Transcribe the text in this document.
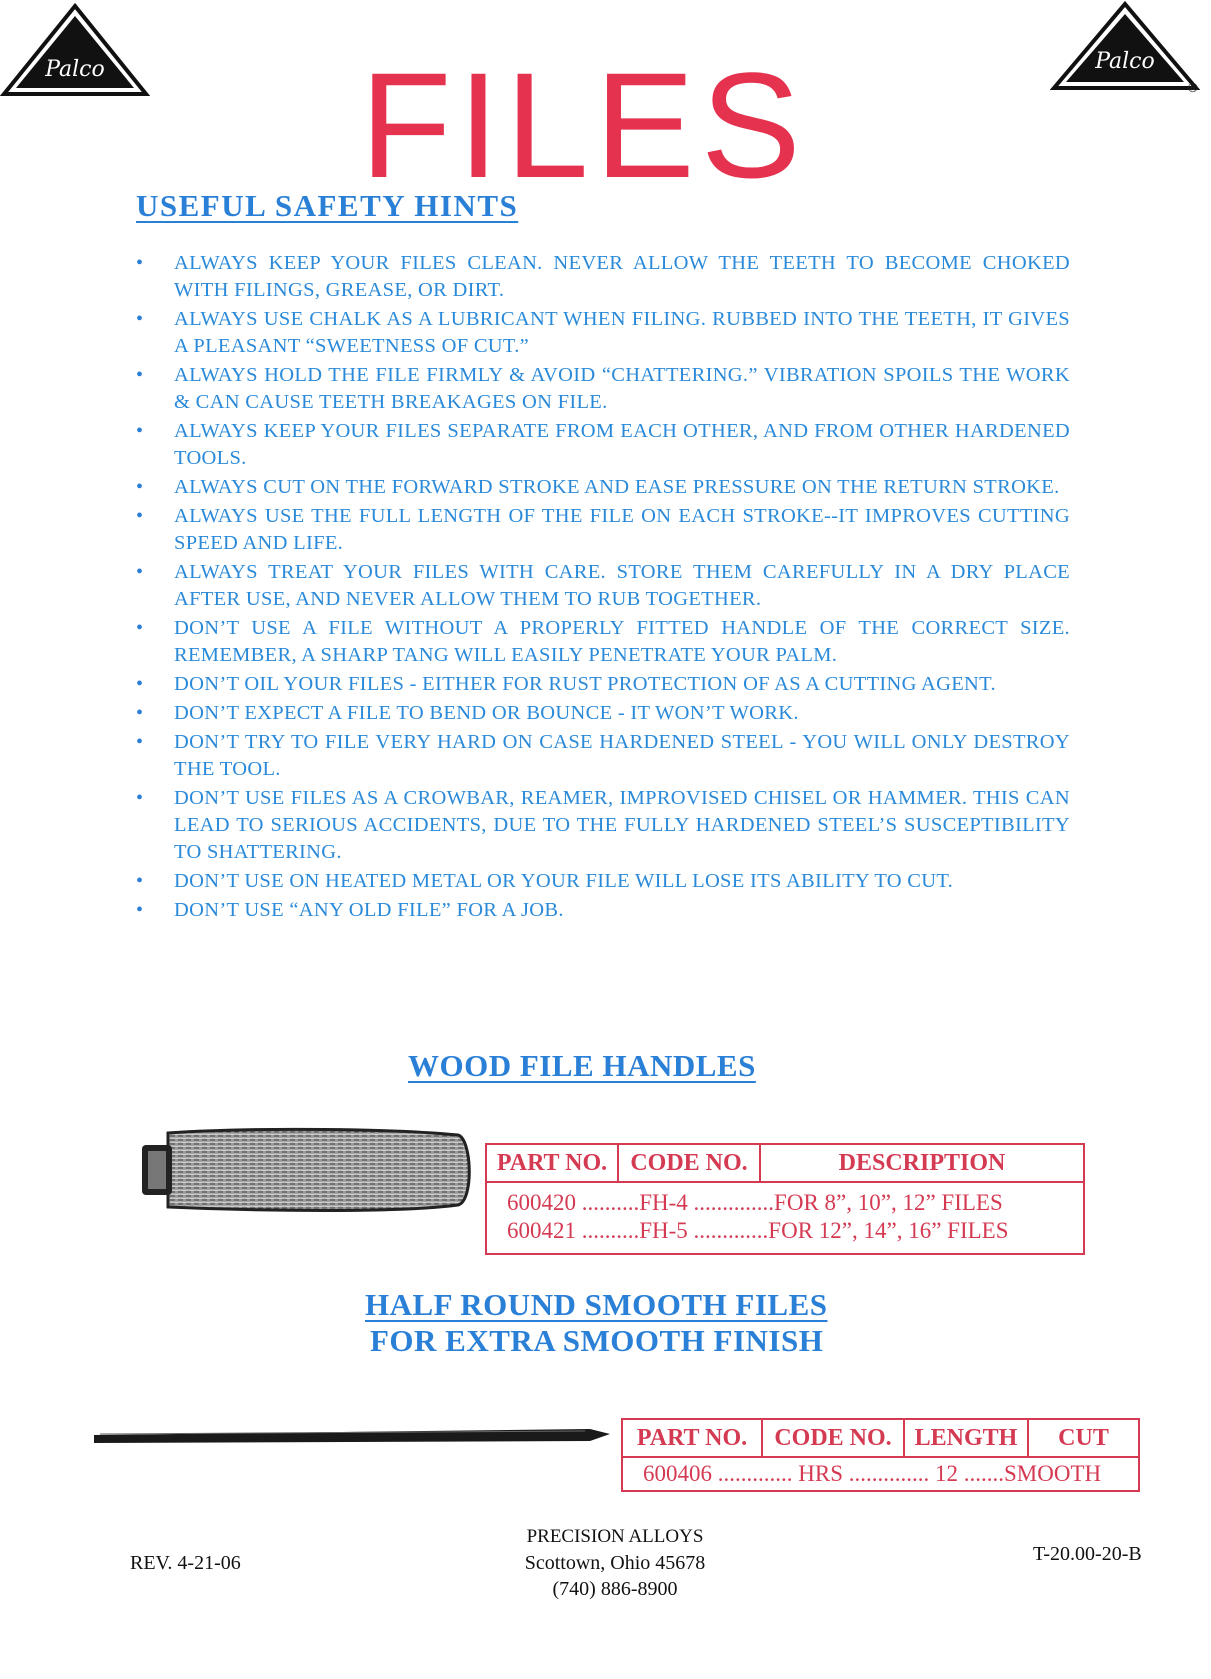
Palco	Palco
®
FILES
USEFUL SAFETY HINTS
• ALWAYS KEEP YOUR FILES CLEAN. NEVER ALLOW THE TEETH TO BECOME CHOKED WITH FILINGS, GREASE, OR DIRT.
• ALWAYS USE CHALK AS A LUBRICANT WHEN FILING. RUBBED INTO THE TEETH, IT GIVES A PLEASANT “SWEETNESS OF CUT.”
• ALWAYS HOLD THE FILE FIRMLY & AVOID “CHATTERING.” VIBRATION SPOILS THE WORK & CAN CAUSE TEETH BREAKAGES ON FILE.
• ALWAYS KEEP YOUR FILES SEPARATE FROM EACH OTHER, AND FROM OTHER HARDENED TOOLS.
• ALWAYS CUT ON THE FORWARD STROKE AND EASE PRESSURE ON THE RETURN STROKE.
• ALWAYS USE THE FULL LENGTH OF THE FILE ON EACH STROKE--IT IMPROVES CUTTING SPEED AND LIFE.
• ALWAYS TREAT YOUR FILES WITH CARE. STORE THEM CAREFULLY IN A DRY PLACE AFTER USE, AND NEVER ALLOW THEM TO RUB TOGETHER.
• DON’T USE A FILE WITHOUT A PROPERLY FITTED HANDLE OF THE CORRECT SIZE. REMEMBER, A SHARP TANG WILL EASILY PENETRATE YOUR PALM.
• DON’T OIL YOUR FILES - EITHER FOR RUST PROTECTION OF AS A CUTTING AGENT.
• DON’T EXPECT A FILE TO BEND OR BOUNCE - IT WON’T WORK.
• DON’T TRY TO FILE VERY HARD ON CASE HARDENED STEEL - YOU WILL ONLY DESTROY THE TOOL.
• DON’T USE FILES AS A CROWBAR, REAMER, IMPROVISED CHISEL OR HAMMER. THIS CAN LEAD TO SERIOUS ACCIDENTS, DUE TO THE FULLY HARDENED STEEL’S SUSCEPTIBILITY TO SHATTERING.
• DON’T USE ON HEATED METAL OR YOUR FILE WILL LOSE ITS ABILITY TO CUT.
• DON’T USE “ANY OLD FILE” FOR A JOB.
WOOD FILE HANDLES
PART NO. CODE NO.	DESCRIPTION
600420 ..........FH-4 ..............FOR 8”, 10”, 12” FILES
600421 ..........FH-5 .............FOR 12”, 14”, 16” FILES
HALF ROUND SMOOTH FILES
FOR EXTRA SMOOTH FINISH
PART NO.	CODE NO. LENGTH	CUT
600406 ............. HRS .............. 12 .......SMOOTH
REV. 4-21-06
PRECISION ALLOYS
Scottown, Ohio 45678
(740) 886-8900
T-20.00-20-B
